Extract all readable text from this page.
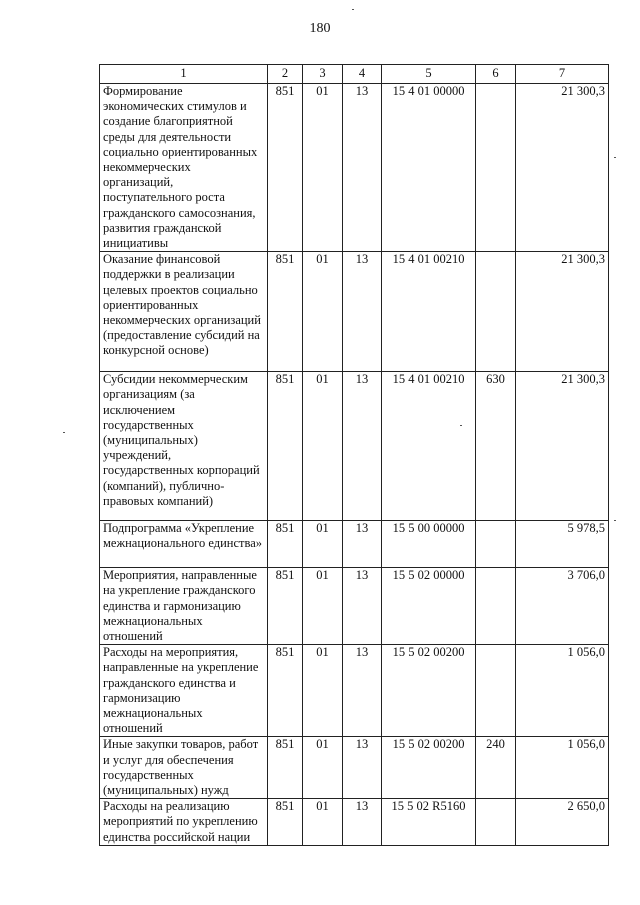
180
1	2	3	4	5	6	7
Формирование экономических стимулов и создание благоприятной среды для деятельности социально ориентированных некоммерческих организаций, поступательного роста гражданского самосознания, развития гражданской инициативы	851	01	13	15 4 01 00000		21 300,3
Оказание финансовой поддержки в реализации целевых проектов социально ориентированных некоммерческих организаций (предоставление субсидий на конкурсной основе)	851	01	13	15 4 01 00210		21 300,3
Субсидии некоммерческим организациям (за исключением государственных (муниципальных) учреждений, государственных корпораций (компаний), публично-правовых компаний)	851	01	13	15 4 01 00210	630	21 300,3
Подпрограмма «Укрепление межнационального единства»	851	01	13	15 5 00 00000		5 978,5
Мероприятия, направленные на укрепление гражданского единства и гармонизацию межнациональных отношений	851	01	13	15 5 02 00000		3 706,0
Расходы на мероприятия, направленные на укрепление гражданского единства и гармонизацию межнациональных отношений	851	01	13	15 5 02 00200		1 056,0
Иные закупки товаров, работ и услуг для обеспечения государственных (муниципальных) нужд	851	01	13	15 5 02 00200	240	1 056,0
Расходы на реализацию мероприятий по укреплению единства российской нации	851	01	13	15 5 02 R5160		2 650,0
